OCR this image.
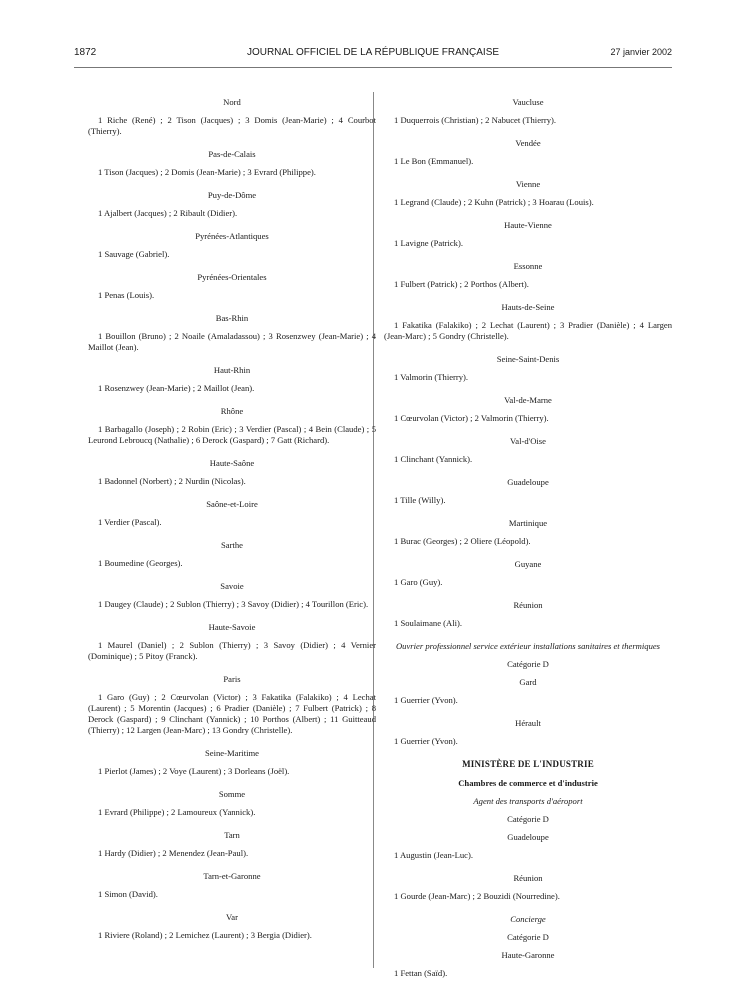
1872	JOURNAL OFFICIEL DE LA RÉPUBLIQUE FRANÇAISE	27 janvier 2002
Nord
1 Riche (René) ; 2 Tison (Jacques) ; 3 Domis (Jean-Marie) ; 4 Courbot (Thierry).
Pas-de-Calais
1 Tison (Jacques) ; 2 Domis (Jean-Marie) ; 3 Evrard (Philippe).
Puy-de-Dôme
1 Ajalbert (Jacques) ; 2 Ribault (Didier).
Pyrénées-Atlantiques
1 Sauvage (Gabriel).
Pyrénées-Orientales
1 Penas (Louis).
Bas-Rhin
1 Bouillon (Bruno) ; 2 Noaile (Amaladassou) ; 3 Rosenzwey (Jean-Marie) ; 4 Maillot (Jean).
Haut-Rhin
1 Rosenzwey (Jean-Marie) ; 2 Maillot (Jean).
Rhône
1 Barbagallo (Joseph) ; 2 Robin (Eric) ; 3 Verdier (Pascal) ; 4 Bein (Claude) ; 5 Leurond Lebroucq (Nathalie) ; 6 Derock (Gaspard) ; 7 Gatt (Richard).
Haute-Saône
1 Badonnel (Norbert) ; 2 Nurdin (Nicolas).
Saône-et-Loire
1 Verdier (Pascal).
Sarthe
1 Boumedine (Georges).
Savoie
1 Daugey (Claude) ; 2 Sublon (Thierry) ; 3 Savoy (Didier) ; 4 Tourillon (Eric).
Haute-Savoie
1 Maurel (Daniel) ; 2 Sublon (Thierry) ; 3 Savoy (Didier) ; 4 Vernier (Dominique) ; 5 Pitoy (Franck).
Paris
1 Garo (Guy) ; 2 Cœurvolan (Victor) ; 3 Fakatika (Falakiko) ; 4 Lechat (Laurent) ; 5 Morentin (Jacques) ; 6 Pradier (Danièle) ; 7 Fulbert (Patrick) ; 8 Derock (Gaspard) ; 9 Clinchant (Yannick) ; 10 Porthos (Albert) ; 11 Guitteaud (Thierry) ; 12 Largen (Jean-Marc) ; 13 Gondry (Christelle).
Seine-Maritime
1 Pierlot (James) ; 2 Voye (Laurent) ; 3 Dorleans (Joël).
Somme
1 Evrard (Philippe) ; 2 Lamoureux (Yannick).
Tarn
1 Hardy (Didier) ; 2 Menendez (Jean-Paul).
Tarn-et-Garonne
1 Simon (David).
Var
1 Riviere (Roland) ; 2 Lemichez (Laurent) ; 3 Bergia (Didier).
Vaucluse
1 Duquerrois (Christian) ; 2 Nabucet (Thierry).
Vendée
1 Le Bon (Emmanuel).
Vienne
1 Legrand (Claude) ; 2 Kuhn (Patrick) ; 3 Hoarau (Louis).
Haute-Vienne
1 Lavigne (Patrick).
Essonne
1 Fulbert (Patrick) ; 2 Porthos (Albert).
Hauts-de-Seine
1 Fakatika (Falakiko) ; 2 Lechat (Laurent) ; 3 Pradier (Danièle) ; 4 Largen (Jean-Marc) ; 5 Gondry (Christelle).
Seine-Saint-Denis
1 Valmorin (Thierry).
Val-de-Marne
1 Cœurvolan (Victor) ; 2 Valmorin (Thierry).
Val-d'Oise
1 Clinchant (Yannick).
Guadeloupe
1 Tille (Willy).
Martinique
1 Burac (Georges) ; 2 Oliere (Léopold).
Guyane
1 Garo (Guy).
Réunion
1 Soulaimane (Ali).
Ouvrier professionnel service extérieur installations sanitaires et thermiques
Catégorie D
Gard
1 Guerrier (Yvon).
Hérault
1 Guerrier (Yvon).
MINISTÈRE DE L'INDUSTRIE
Chambres de commerce et d'industrie
Agent des transports d'aéroport
Catégorie D
Guadeloupe
1 Augustin (Jean-Luc).
Réunion
1 Gourde (Jean-Marc) ; 2 Bouzidi (Nourredine).
Concierge
Catégorie D
Haute-Garonne
1 Fettan (Saïd).
